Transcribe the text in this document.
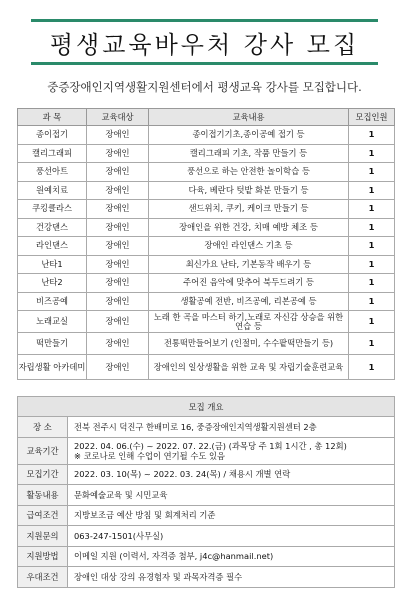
평생교육바우처 강사 모집
중증장애인지역생활지원센터에서 평생교육 강사를 모집합니다.
과 목	교육대상	교육내용	모집인원
종이접기	장애인	종이접기기초,종이공예 접기 등	1
캘리그래피	장애인	캘리그래피 기초, 작품 만들기 등	1
풍선아트	장애인	풍선으로 하는 안전한 놀이학습 등	1
원예치료	장애인	다육, 베란다 텃밭 화분 만들기 등	1
쿠킹클라스	장애인	샌드위치, 쿠키, 케이크 만들기 등	1
건강댄스	장애인	장애인을 위한 건강, 치매 예방 체조 등	1
라인댄스	장애인	장애인 라인댄스 기초 등	1
난타1	장애인	최신가요 난타, 기본동작 배우기 등	1
난타2	장애인	주어진 음악에 맞추어 북두드려기 등	1
비즈공예	장애인	생활공예 전반, 비즈공예, 리본공예 등	1
노래교실	장애인	노래 한 곡을 마스터 하기,노래로 자신감 상승을 위한 연습 등	1
떡만들기	장애인	전통떡만들어보기 (인절미, 수수팥떡만들기 등)	1
자립생활 아카데미	장애인	장애인의 일상생활을 위한 교육 및 자립기술훈련교육	1
모집 개요	
장 소	전북 전주시 덕진구 한배미로 16, 중증장애인지역생활지원센터 2층
교육기간	2022. 04. 06.(수) ~ 2022. 07. 22.(금) (과목당 주 1회 1시간 , 총 12회)
※ 코로나로 인해 수업이 연기될 수도 있음

모집기간	2022. 03. 10(목) ~ 2022. 03. 24(목) / 채용시 개별 연락
활동내용	문화예술교육 및 시민교육
급여조건	지방보조금 예산 방침 및 회계처리 기준
지원문의	063-247-1501(사무실)
지원방법	이메일 지원 (이력서, 자격증 첨부, j4c@hanmail.net)
우대조건	장애인 대상 강의 유경험자 및 과목자격증 필수
